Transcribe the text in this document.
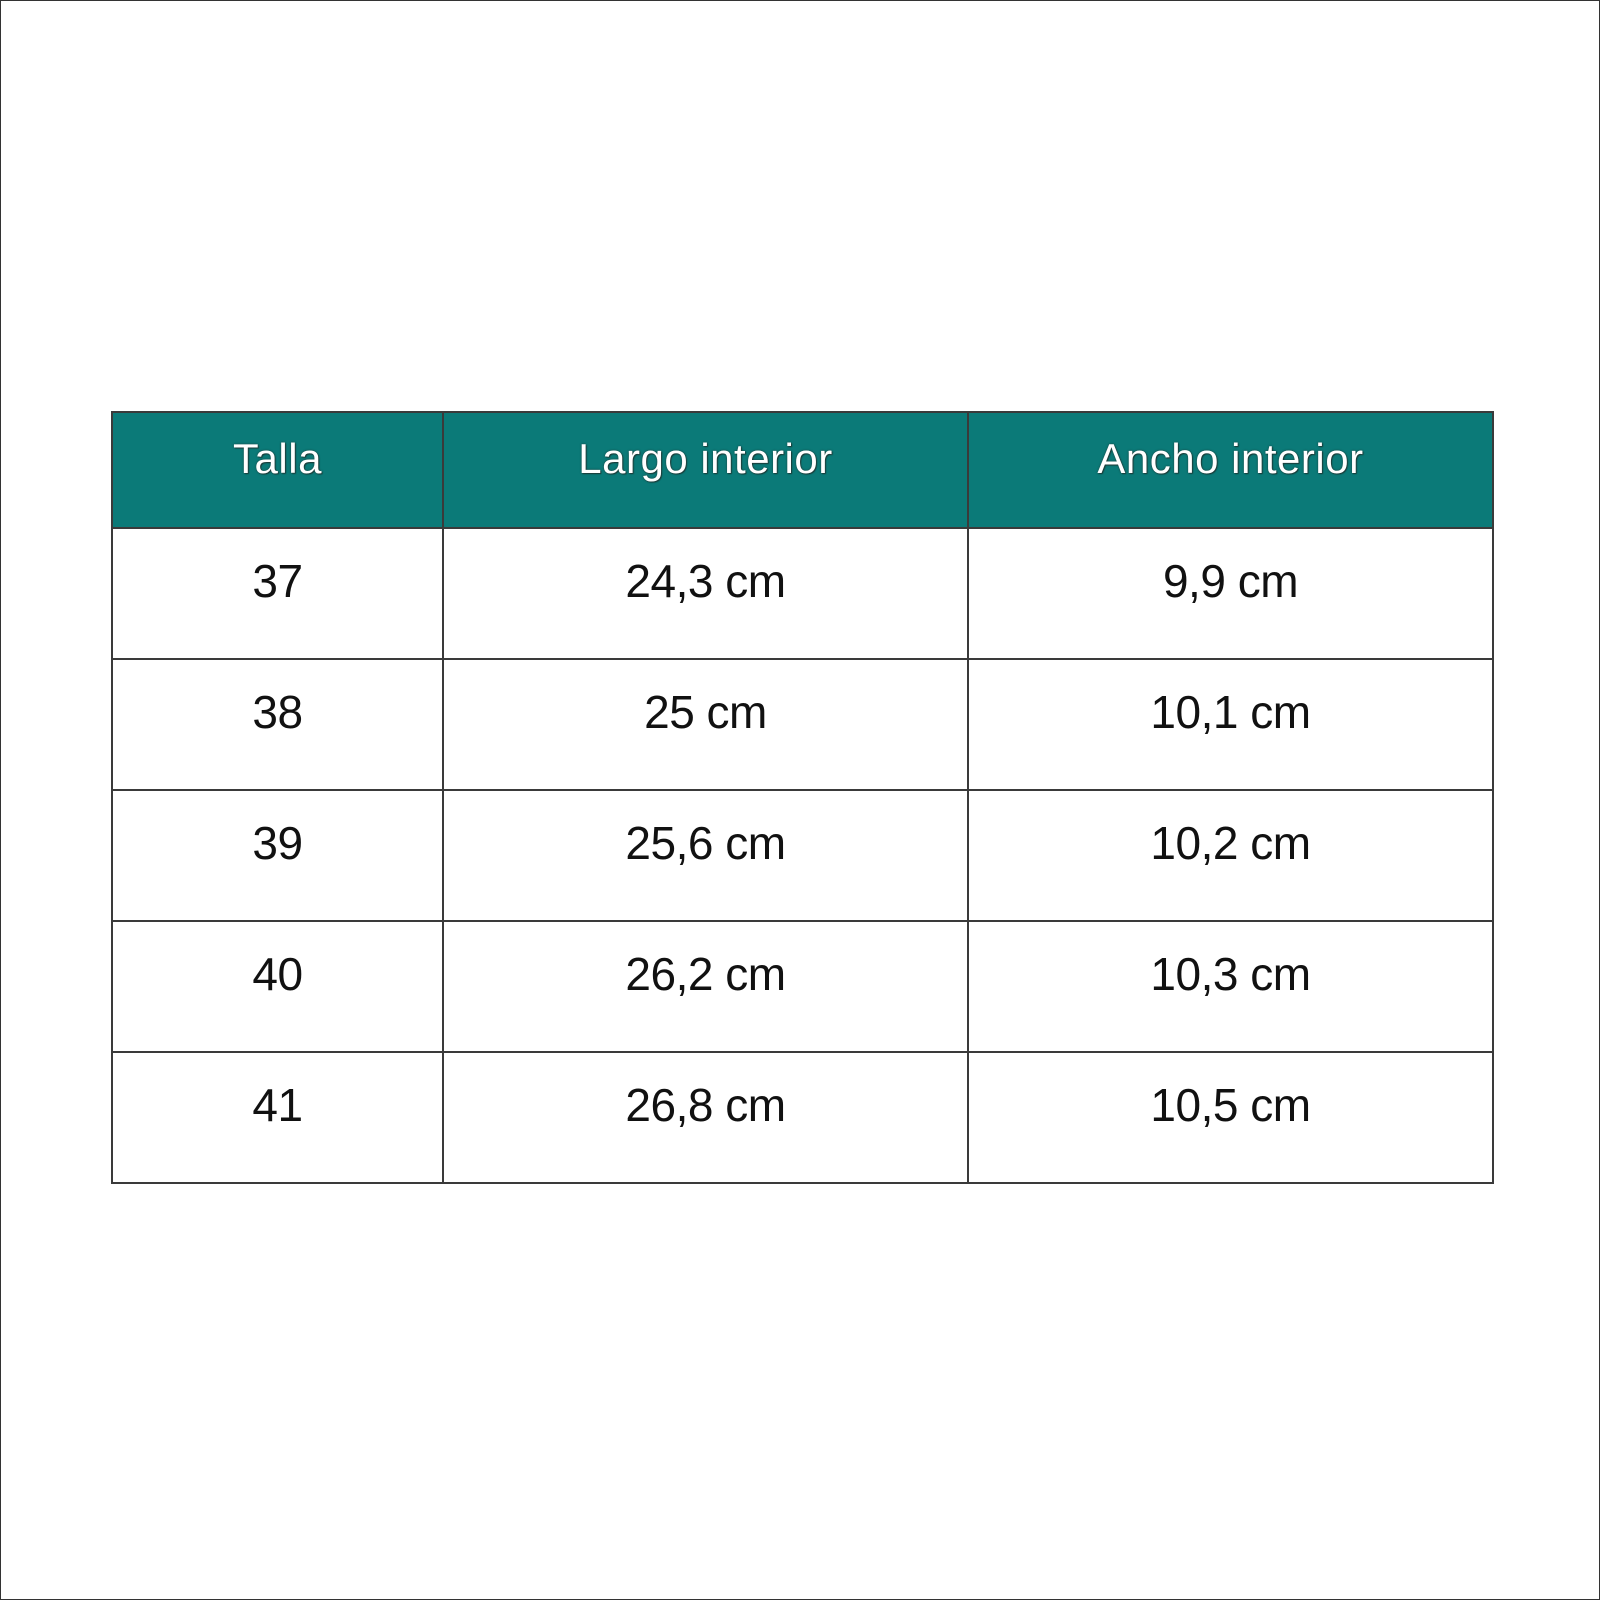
Talla	Largo interior	Ancho interior
37	24,3 cm	9,9 cm
38	25 cm	10,1 cm
39	25,6 cm	10,2 cm
40	26,2 cm	10,3 cm
41	26,8 cm	10,5 cm
